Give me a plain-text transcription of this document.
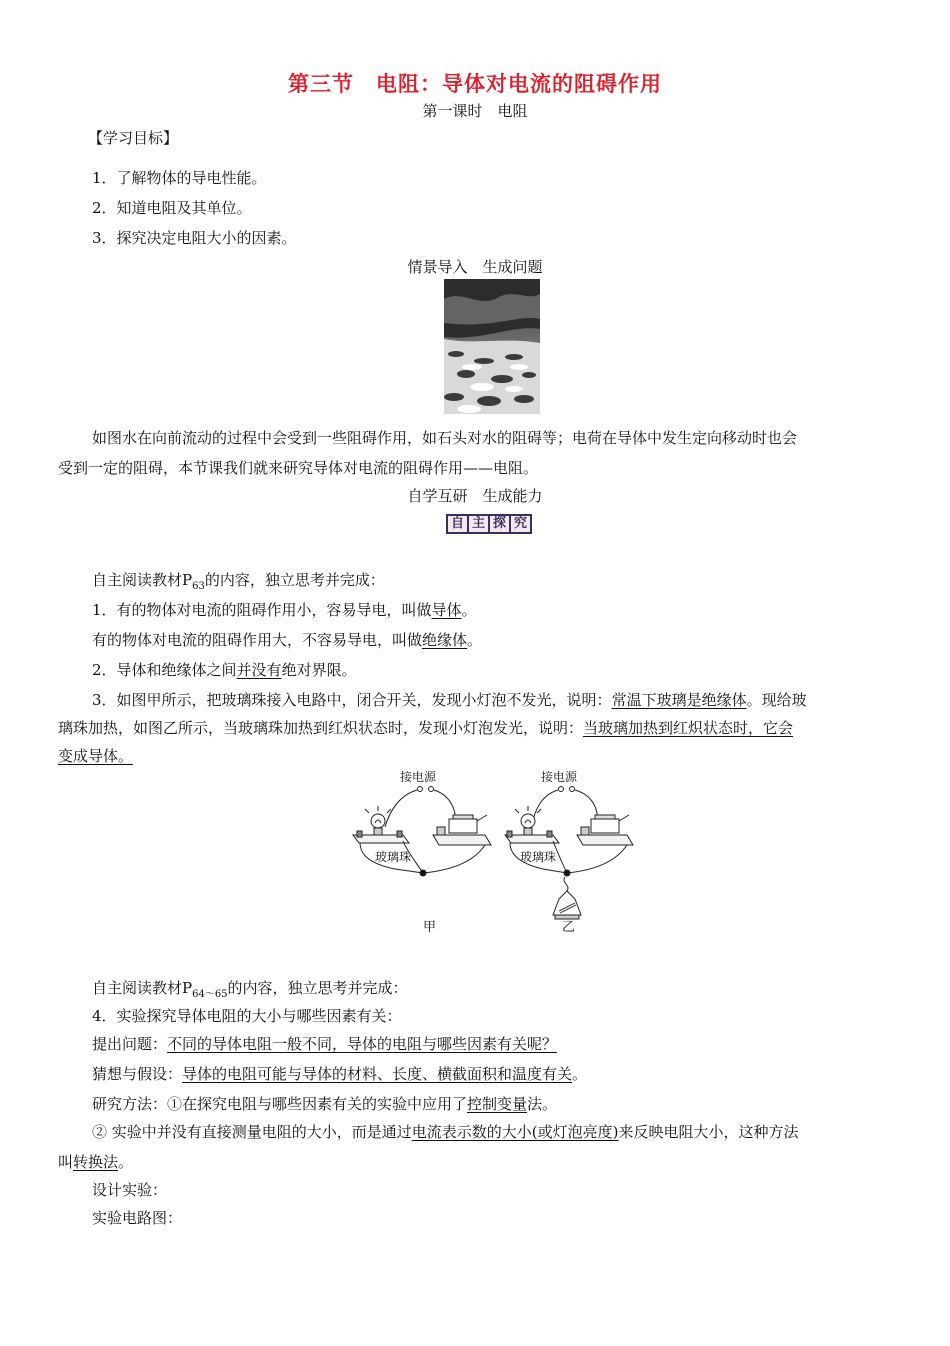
第三节　电阻：导体对电流的阻碍作用
第一课时　电阻
【学习目标】
1．了解物体的导电性能。
2．知道电阻及其单位。
3．探究决定电阻大小的因素。
情景导入　生成问题
如图水在向前流动的过程中会受到一些阻碍作用，如石头对水的阻碍等；电荷在导体中发生定向移动时也会
受到一定的阻碍，本节课我们就来研究导体对电流的阻碍作用——电阻。
自学互研　生成能力
自 主 探 究
自主阅读教材$P_{63}$的内容，独立思考并完成：
1．有的物体对电流的阻碍作用小，容易导电，叫做导体。
有的物体对电流的阻碍作用大，不容易导电，叫做绝缘体。
2．导体和绝缘体之间并没有绝对界限。
3．如图甲所示，把玻璃珠接入电路中，闭合开关，发现小灯泡不发光，说明：常温下玻璃是绝缘体。现给玻
璃珠加热，如图乙所示，当玻璃珠加热到红炽状态时，发现小灯泡发光，说明：当玻璃加热到红炽状态时，它会
变成导体。
接电源
玻璃珠
甲
接电源
玻璃珠
乙
自主阅读教材$P_{64\sim 65}$的内容，独立思考并完成：
4．实验探究导体电阻的大小与哪些因素有关：
提出问题：不同的导体电阻一般不同，导体的电阻与哪些因素有关呢？
猜想与假设：导体的电阻可能与导体的材料、长度、横截面积和温度有关。
研究方法：①在探究电阻与哪些因素有关的实验中应用了控制变量法。
② 实验中并没有直接测量电阻的大小，而是通过电流表示数的大小(或灯泡亮度)来反映电阻大小，这种方法
叫转换法。
设计实验：
实验电路图：
